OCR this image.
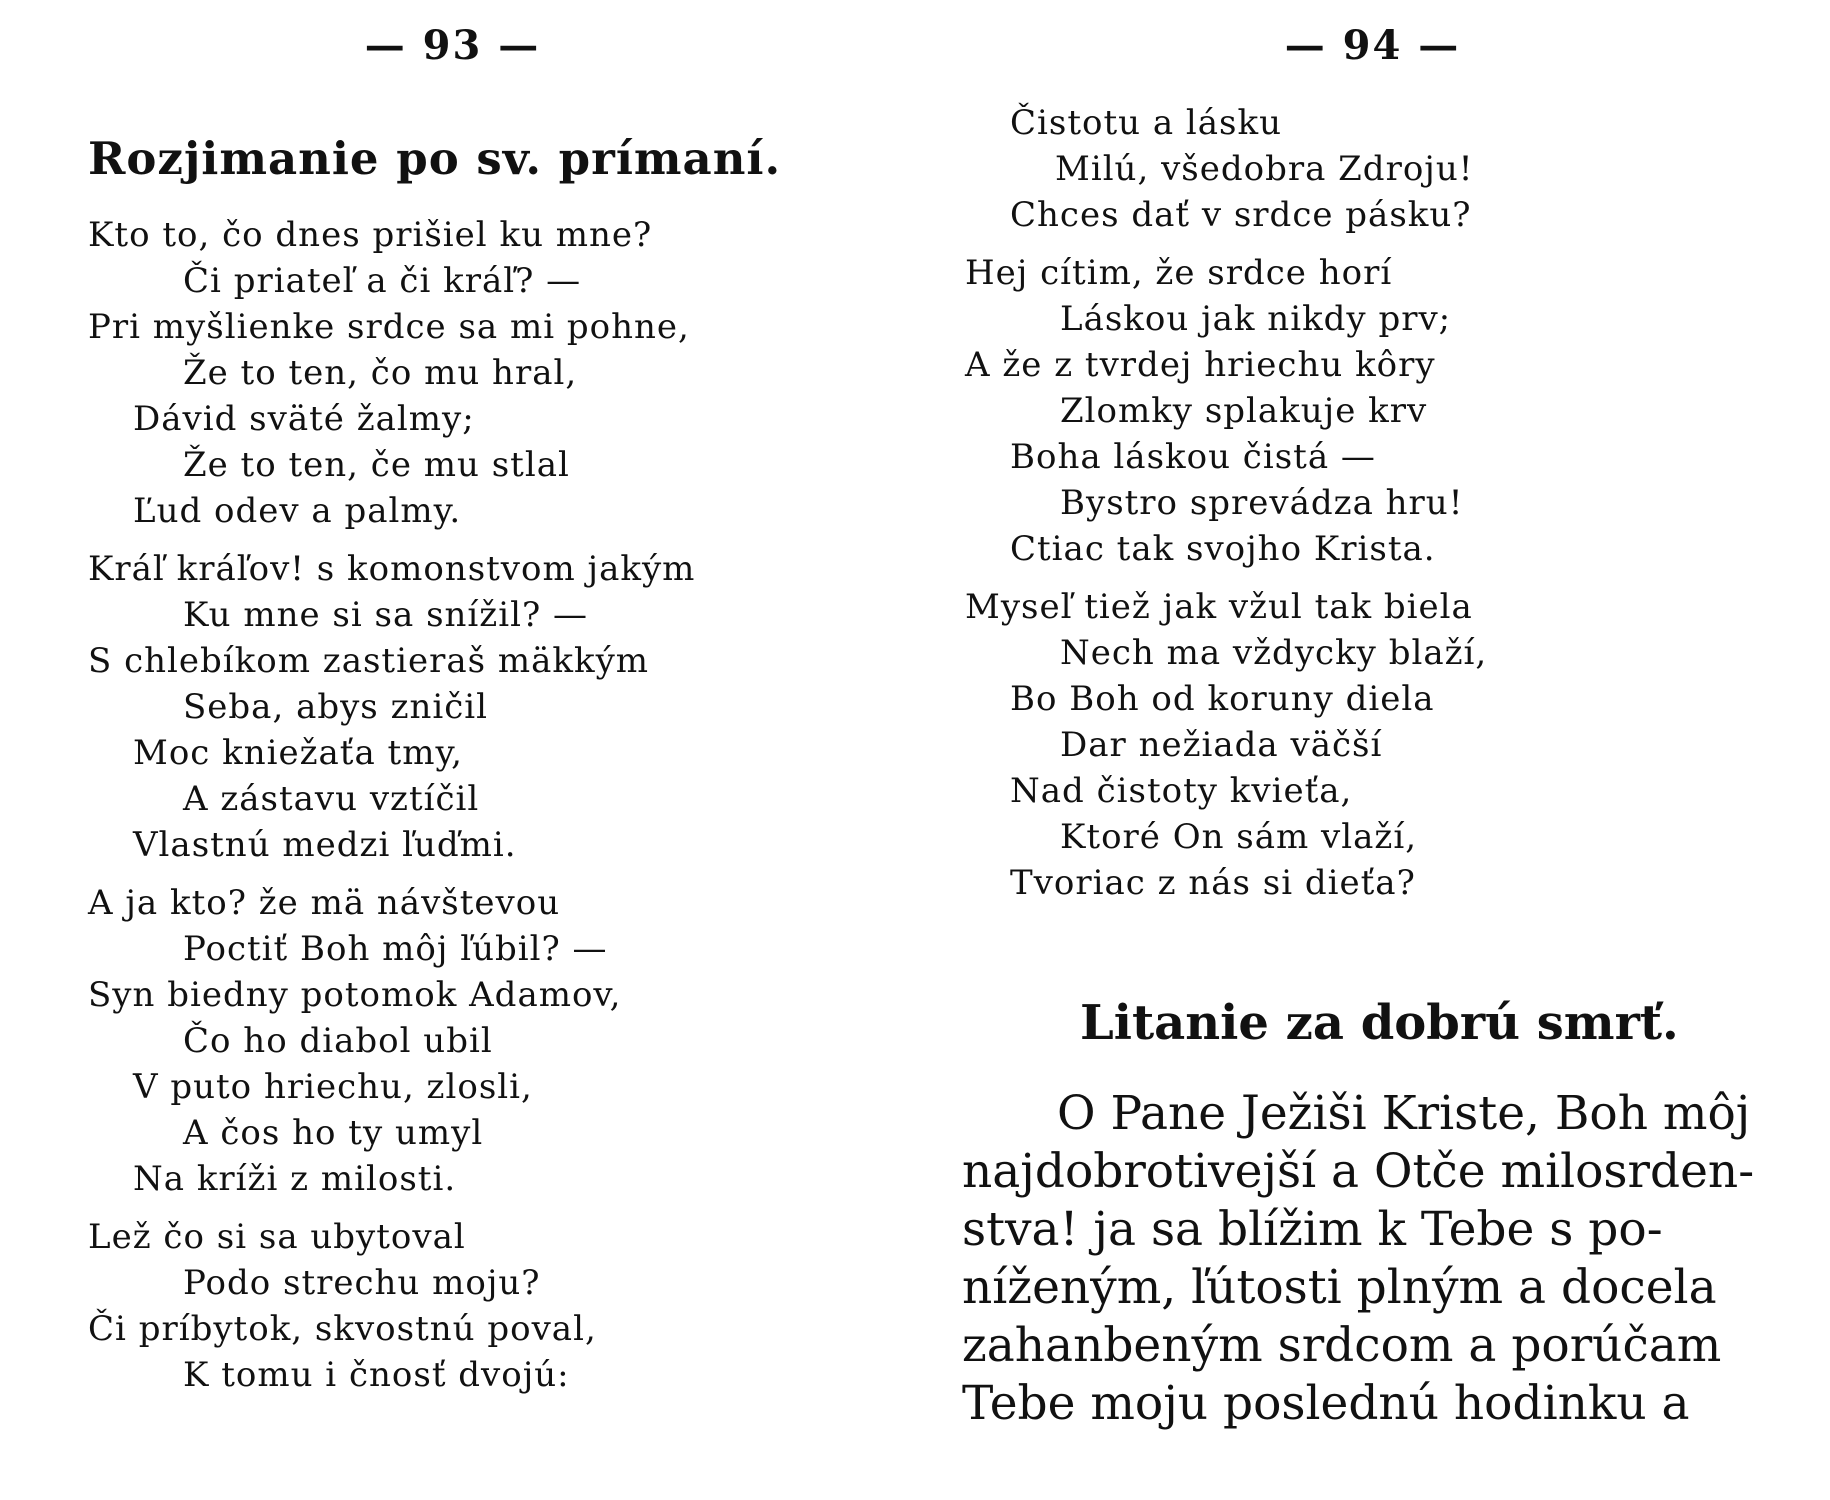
— 93 —
Rozjimanie po sv. prímaní.
Kto to, čo dnes prišiel ku mne?
Či priateľ a či kráľ? —
Pri myšlienke srdce sa mi pohne,
Že to ten, čo mu hral,
Dávid sväté žalmy;
Že to ten, če mu stlal
Ľud odev a palmy.
Kráľ kráľov! s komonstvom jakým
Ku mne si sa snížil? —
S chlebíkom zastieraš mäkkým
Seba, abys zničil
Moc kniežaťa tmy,
A zástavu vztíčil
Vlastnú medzi ľuďmi.
A ja kto? že mä návštevou
Poctiť Boh môj ľúbil? —
Syn biedny potomok Adamov,
Čo ho diabol ubil
V puto hriechu, zlosli,
A čos ho ty umyl
Na kríži z milosti.
Lež čo si sa ubytoval
Podo strechu moju?
Či príbytok, skvostnú poval,
K tomu i čnosť dvojú:
— 94 —
Čistotu a lásku
Milú, všedobra Zdroju!
Chces dať v srdce pásku?
Hej cítim, že srdce horí
Láskou jak nikdy prv;
A že z tvrdej hriechu kôry
Zlomky splakuje krv
Boha láskou čistá —
Bystro sprevádza hru!
Ctiac tak svojho Krista.
Myseľ tiež jak vžul tak biela
Nech ma vždycky blaží,
Bo Boh od koruny diela
Dar nežiada väčší
Nad čistoty kvieťa,
Ktoré On sám vlaží,
Tvoriac z nás si dieťa?
Litanie za dobrú smrť.
O Pane Ježiši Kriste, Boh môj
najdobrotivejší a Otče milosrden-
stva! ja sa blížim k Tebe s po-
níženým, ľútosti plným a docela
zahanbeným srdcom a porúčam
Tebe moju poslednú hodinku a
